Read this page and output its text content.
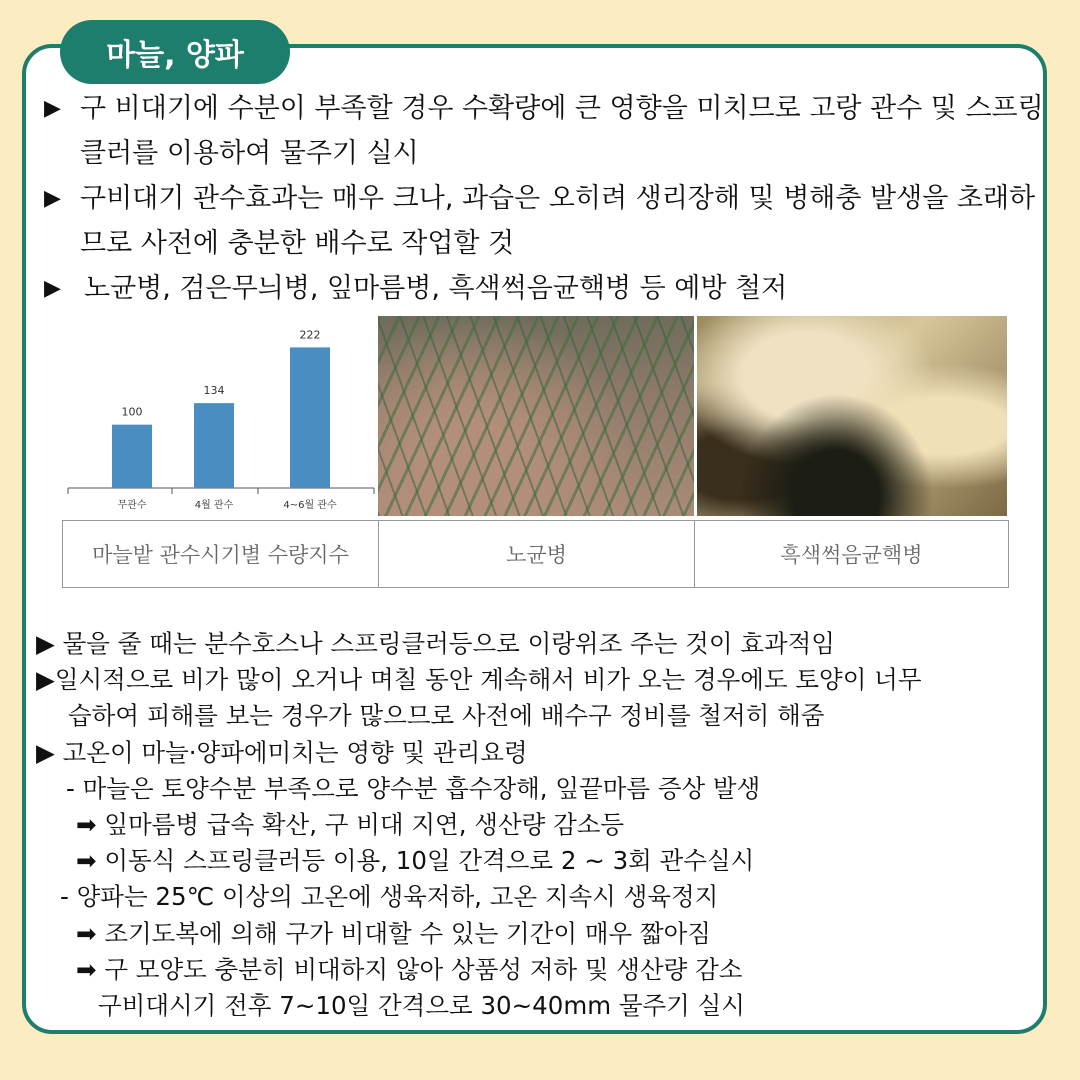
마늘, 양파
▶ 구 비대기에 수분이 부족할 경우 수확량에 큰 영향을 미치므로 고랑 관수 및 스프링클러를 이용하여 물주기 실시
▶ 구비대기 관수효과는 매우 크나, 과습은 오히려 생리장해 및 병해충 발생을 초래하므로 사전에 충분한 배수로 작업할 것
▶ 노균병, 검은무늬병, 잎마름병, 흑색썩음균핵병 등 예방 철저
100
무관수
134
4월 관수
222
4~6월 관수
마늘밭 관수시기별 수량지수	노균병	흑색썩음균핵병
▶ 물을 줄 때는 분수호스나 스프링클러등으로 이랑위조 주는 것이 효과적임
▶일시적으로 비가 많이 오거나 며칠 동안 계속해서 비가 오는 경우에도 토양이 너무
습하여 피해를 보는 경우가 많으므로 사전에 배수구 정비를 철저히 해줌
▶ 고온이 마늘·양파에미치는 영향 및 관리요령
- 마늘은 토양수분 부족으로 양수분 흡수장해, 잎끝마름 증상 발생
➡ 잎마름병 급속 확산, 구 비대 지연, 생산량 감소등
➡ 이동식 스프링클러등 이용, 10일 간격으로 2 ~ 3회 관수실시
- 양파는 25℃ 이상의 고온에 생육저하, 고온 지속시 생육정지
➡ 조기도복에 의해 구가 비대할 수 있는 기간이 매우 짧아짐
➡ 구 모양도 충분히 비대하지 않아 상품성 저하 및 생산량 감소
구비대시기 전후 7~10일 간격으로 30~40mm 물주기 실시
